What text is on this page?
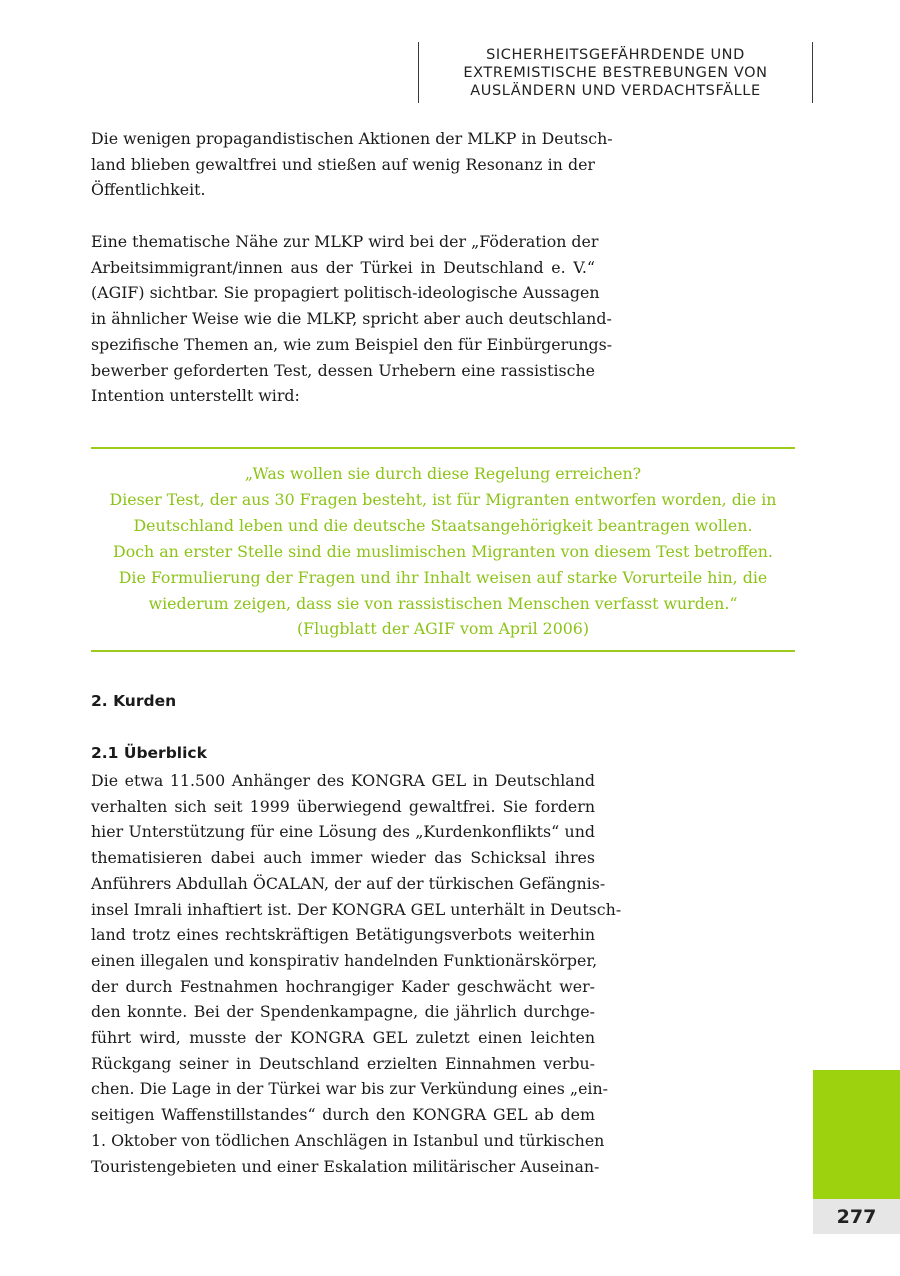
SICHERHEITSGEFÄHRDENDE UND
EXTREMISTISCHE BESTREBUNGEN VON
AUSLÄNDERN UND VERDACHTSFÄLLE
Die wenigen propagandistischen Aktionen der MLKP in Deutsch-
land blieben gewaltfrei und stießen auf wenig Resonanz in der
Öffentlichkeit.
Eine thematische Nähe zur MLKP wird bei der „Föderation der
Arbeitsimmigrant/innen aus der Türkei in Deutschland e. V.“
(AGIF) sichtbar. Sie propagiert politisch-ideologische Aussagen
in ähnlicher Weise wie die MLKP, spricht aber auch deutschland-
spezifische Themen an, wie zum Beispiel den für Einbürgerungs-
bewerber geforderten Test, dessen Urhebern eine rassistische
Intention unterstellt wird:
„Was wollen sie durch diese Regelung erreichen?
Dieser Test, der aus 30 Fragen besteht, ist für Migranten entworfen worden, die in
Deutschland leben und die deutsche Staatsangehörigkeit beantragen wollen.
Doch an erster Stelle sind die muslimischen Migranten von diesem Test betroffen.
Die Formulierung der Fragen und ihr Inhalt weisen auf starke Vorurteile hin, die
wiederum zeigen, dass sie von rassistischen Menschen verfasst wurden.“
(Flugblatt der AGIF vom April 2006)
2. Kurden
2.1 Überblick
Die etwa 11.500 Anhänger des KONGRA GEL in Deutschland
verhalten sich seit 1999 überwiegend gewaltfrei. Sie fordern
hier Unterstützung für eine Lösung des „Kurdenkonflikts“ und
thematisieren dabei auch immer wieder das Schicksal ihres
Anführers Abdullah ÖCALAN, der auf der türkischen Gefängnis-
insel Imrali inhaftiert ist. Der KONGRA GEL unterhält in Deutsch-
land trotz eines rechtskräftigen Betätigungsverbots weiterhin
einen illegalen und konspirativ handelnden Funktionärskörper,
der durch Festnahmen hochrangiger Kader geschwächt wer-
den konnte. Bei der Spendenkampagne, die jährlich durchge-
führt wird, musste der KONGRA GEL zuletzt einen leichten
Rückgang seiner in Deutschland erzielten Einnahmen verbu-
chen. Die Lage in der Türkei war bis zur Verkündung eines „ein-
seitigen Waffenstillstandes“ durch den KONGRA GEL ab dem
1. Oktober von tödlichen Anschlägen in Istanbul und türkischen
Touristengebieten und einer Eskalation militärischer Auseinan-
277
